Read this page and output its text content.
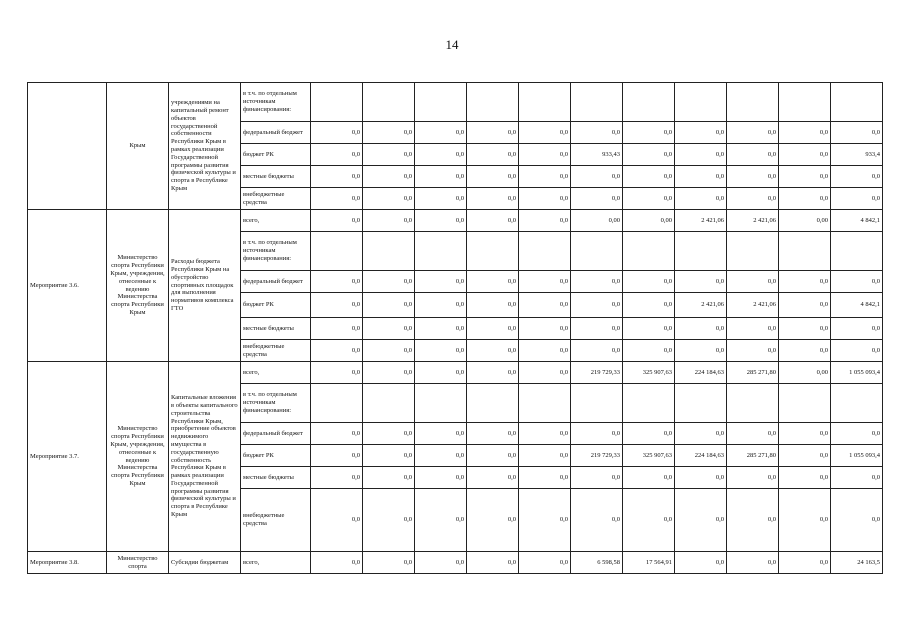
14
	Крым	учреждениями на капитальный ремонт объектов государственной собственности Республики Крым в рамках реализации Государственной программы развития физической культуры и спорта в Республике Крым	в т.ч. по отдельным источникам финансирования:											
			федеральный бюджет	0,0	0,0	0,0	0,0	0,0	0,0	0,0	0,0	0,0	0,0	0,0
			бюджет РК	0,0	0,0	0,0	0,0	0,0	933,43	0,0	0,0	0,0	0,0	933,4
			местные бюджеты	0,0	0,0	0,0	0,0	0,0	0,0	0,0	0,0	0,0	0,0	0,0
			внебюджетные средства	0,0	0,0	0,0	0,0	0,0	0,0	0,0	0,0	0,0	0,0	0,0
Мероприятие 3.6.	Министерство спорта Республики Крым, учреждения, отнесенные к ведению Министерства спорта Республики Крым	Расходы бюджета Республики Крым на обустройство спортивных площадок для выполнения нормативов комплекса ГТО	всего,	0,0	0,0	0,0	0,0	0,0	0,00	0,00	2 421,06	2 421,06	0,00	4 842,1
			в т.ч. по отдельным источникам финансирования:											
			федеральный бюджет	0,0	0,0	0,0	0,0	0,0	0,0	0,0	0,0	0,0	0,0	0,0
			бюджет РК	0,0	0,0	0,0	0,0	0,0	0,0	0,0	2 421,06	2 421,06	0,0	4 842,1
			местные бюджеты	0,0	0,0	0,0	0,0	0,0	0,0	0,0	0,0	0,0	0,0	0,0
			внебюджетные средства	0,0	0,0	0,0	0,0	0,0	0,0	0,0	0,0	0,0	0,0	0,0
Мероприятие 3.7.	Министерство спорта Республики Крым, учреждения, отнесенные к ведению Министерства спорта Республики Крым	Капитальные вложения в объекты капитального строительства Республики Крым, приобретение объектов недвижимого имущества в государственную собственность Республики Крым в рамках реализации Государственной программы развития физической культуры и спорта в Республике Крым	всего,	0,0	0,0	0,0	0,0	0,0	219 729,33	325 907,63	224 184,63	285 271,80	0,00	1 055 093,4
			в т.ч. по отдельным источникам финансирования:											
			федеральный бюджет	0,0	0,0	0,0	0,0	0,0	0,0	0,0	0,0	0,0	0,0	0,0
			бюджет РК	0,0	0,0	0,0	0,0	0,0	219 729,33	325 907,63	224 184,63	285 271,80	0,0	1 055 093,4
			местные бюджеты	0,0	0,0	0,0	0,0	0,0	0,0	0,0	0,0	0,0	0,0	0,0
			внебюджетные средства	0,0	0,0	0,0	0,0	0,0	0,0	0,0	0,0	0,0	0,0	0,0
Мероприятие 3.8.	Министерство спорта	Субсидии бюджетам	всего,	0,0	0,0	0,0	0,0	0,0	6 598,58	17 564,91	0,0	0,0	0,0	24 163,5
